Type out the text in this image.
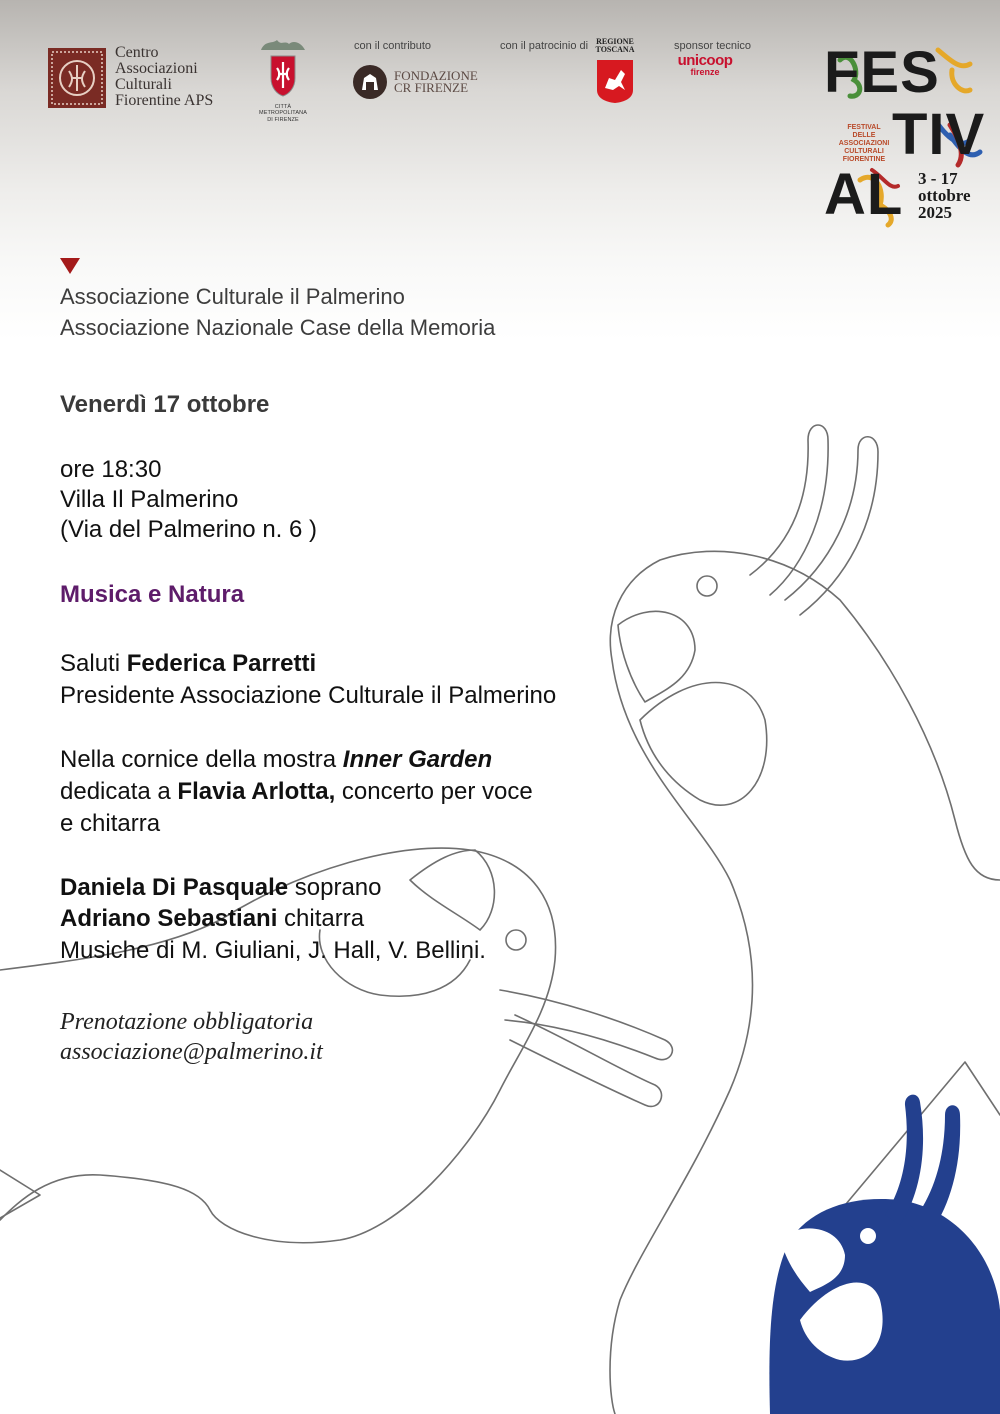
Centro
Associazioni
Culturali
Fiorentine APS	CITTÀ METROPOLITANA
DI FIRENZE
con il contributo
FONDAZIONE
CR FIRENZE
con il patrocinio di	REGIONE
TOSCANA	sponsor tecnico
unicoop
firenze FES
TIV
AL
FESTIVAL
DELLE
ASSOCIAZIONI
CULTURALI
FIORENTINE
3 - 17
ottobre
2025
Associazione Culturale il Palmerino
Associazione Nazionale Case della Memoria
Venerdì 17 ottobre
ore 18:30
Villa Il Palmerino
(Via del Palmerino n. 6 )
Musica e Natura
Saluti Federica Parretti
Presidente Associazione Culturale il Palmerino
Nella cornice della mostra Inner Garden
dedicata a Flavia Arlotta, concerto per voce
e chitarra
Daniela Di Pasquale soprano
Adriano Sebastiani chitarra
Musiche di M. Giuliani, J. Hall, V. Bellini.
Prenotazione obbligatoria
associazione@palmerino.it
